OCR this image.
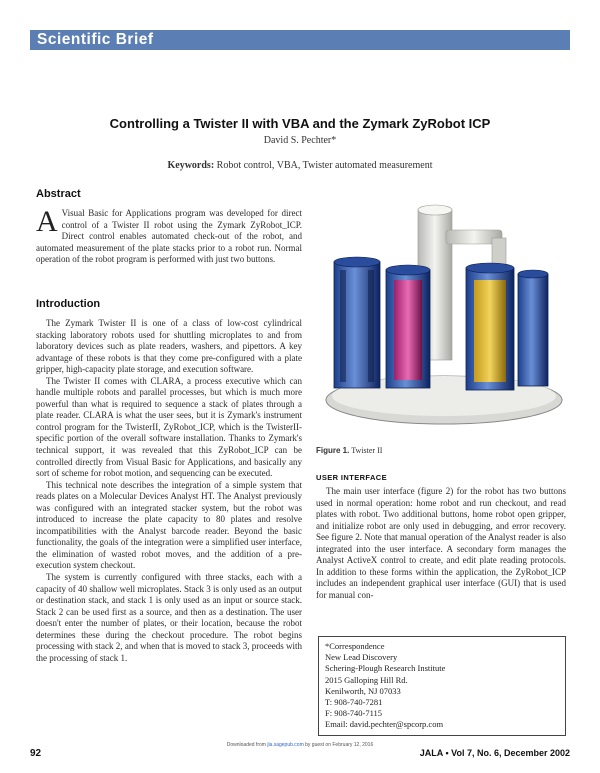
Scientific Brief
Controlling a Twister II with VBA and the Zymark ZyRobot ICP
David S. Pechter*
Keywords: Robot control, VBA, Twister automated measurement
Abstract

A Visual Basic for Applications program was developed for direct control of a Twister II robot using the Zymark ZyRobot_ICP. Direct control enables automated check-out of the robot, and automated measurement of the plate stacks prior to a robot run. Normal operation of the robot program is performed with just two buttons.

Introduction

The Zymark Twister II is one of a class of low-cost cylindrical stacking laboratory robots used for shuttling microplates to and from laboratory devices such as plate readers, washers, and pipettors. A key advantage of these robots is that they come pre-configured with a plate gripper, high-capacity plate storage, and execution software.

The Twister II comes with CLARA, a process executive which can handle multiple robots and parallel processes, but which is much more powerful than what is required to sequence a stack of plates through a plate reader. CLARA is what the user sees, but it is Zymark's instrument control program for the TwisterII, ZyRobot_ICP, which is the TwisterII-specific portion of the overall software installation. Thanks to Zymark's technical support, it was revealed that this ZyRobot_ICP can be controlled directly from Visual Basic for Applications, and basically any sort of scheme for robot motion, and sequencing can be executed.

This technical note describes the integration of a simple system that reads plates on a Molecular Devices Analyst HT. The Analyst previously was configured with an integrated stacker system, but the robot was introduced to increase the plate capacity to 80 plates and resolve incompatibilities with the Analyst barcode reader. Beyond the basic functionality, the goals of the integration were a simplified user interface, the elimination of wasted robot moves, and the addition of a pre-execution system checkout.

The system is currently configured with three stacks, each with a capacity of 40 shallow well microplates. Stack 3 is only used as an output or destination stack, and stack 1 is only used as an input or source stack. Stack 2 can be used first as a source, and then as a destination. The user doesn't enter the number of plates, or their location, because the robot determines these during the checkout procedure. The robot begins processing with stack 2, and when that is moved to stack 3, proceeds with the processing of stack 1.

Figure 1. Twister II
USER INTERFACE

The main user interface (figure 2) for the robot has two buttons used in normal operation: home robot and run checkout, and read plates with robot. Two additional buttons, home robot open gripper, and initialize robot are only used in debugging, and error recovery. See figure 2. Note that manual operation of the Analyst reader is also integrated into the user interface. A secondary form manages the Analyst ActiveX control to create, and edit plate reading protocols. In addition to these forms within the application, the ZyRobot_ICP includes an independent graphical user interface (GUI) that is used for manual con-

*Correspondence
New Lead Discovery
Schering-Plough Research Institute
2015 Galloping Hill Rd.
Kenilworth, NJ 07033
T: 908-740-7281
F: 908-740-7115
Email: david.pechter@spcorp.com
92
Downloaded from jla.sagepub.com by guest on February 12, 2016
JALA • Vol 7, No. 6, December 2002
